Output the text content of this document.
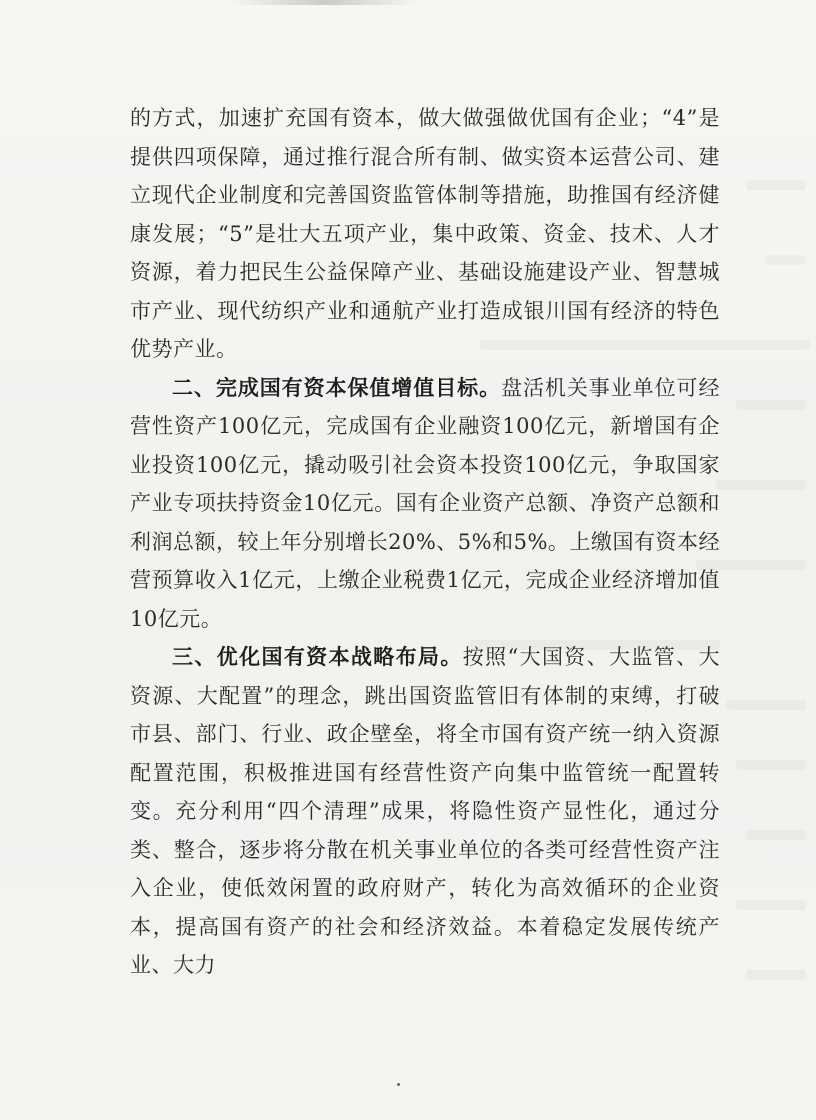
的方式，加速扩充国有资本，做大做强做优国有企业；“4”是提供四项保障，通过推行混合所有制、做实资本运营公司、建立现代企业制度和完善国资监管体制等措施，助推国有经济健康发展；“5”是壮大五项产业，集中政策、资金、技术、人才资源，着力把民生公益保障产业、基础设施建设产业、智慧城市产业、现代纺织产业和通航产业打造成银川国有经济的特色优势产业。

二、完成国有资本保值增值目标。盘活机关事业单位可经营性资产100亿元，完成国有企业融资100亿元，新增国有企业投资100亿元，撬动吸引社会资本投资100亿元，争取国家产业专项扶持资金10亿元。国有企业资产总额、净资产总额和利润总额，较上年分别增长20%、5%和5%。上缴国有资本经营预算收入1亿元，上缴企业税费1亿元，完成企业经济增加值10亿元。

三、优化国有资本战略布局。按照“大国资、大监管、大资源、大配置”的理念，跳出国资监管旧有体制的束缚，打破市县、部门、行业、政企壁垒，将全市国有资产统一纳入资源配置范围，积极推进国有经营性资产向集中监管统一配置转变。充分利用“四个清理”成果，将隐性资产显性化，通过分类、整合，逐步将分散在机关事业单位的各类可经营性资产注入企业，使低效闲置的政府财产，转化为高效循环的企业资本，提高国有资产的社会和经济效益。本着稳定发展传统产业、大力
